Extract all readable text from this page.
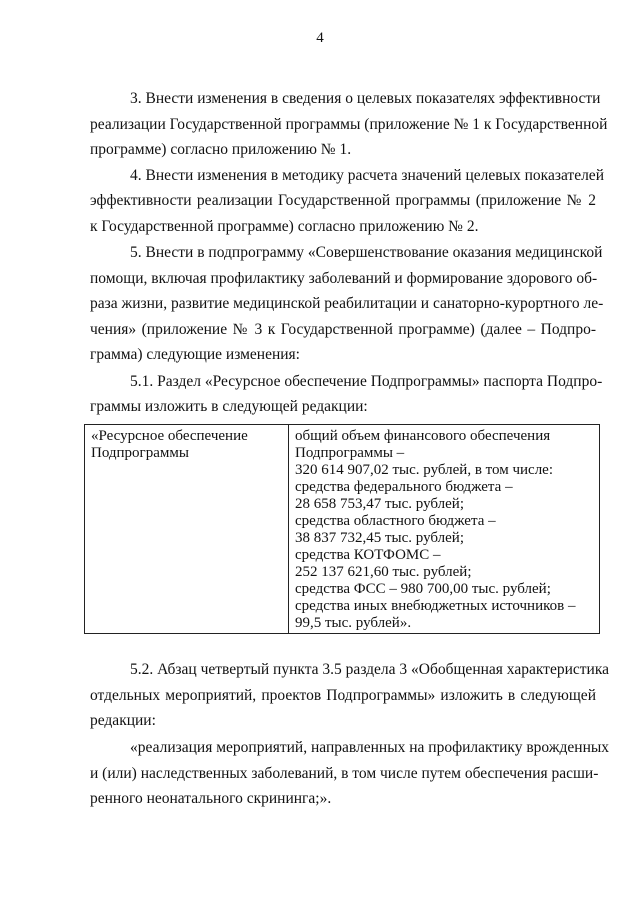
4
3. Внести изменения в сведения о целевых показателях эффективности
реализации Государственной программы (приложение № 1 к Государственной
программе) согласно приложению № 1.
4. Внести изменения в методику расчета значений целевых показателей
эффективности реализации Государственной программы (приложение № 2
к Государственной программе) согласно приложению № 2.
5. Внести в подпрограмму «Совершенствование оказания медицинской
помощи, включая профилактику заболеваний и формирование здорового об-
раза жизни, развитие медицинской реабилитации и санаторно-курортного ле-
чения» (приложение № 3 к Государственной программе) (далее – Подпро-
грамма) следующие изменения:
5.1. Раздел «Ресурсное обеспечение Подпрограммы» паспорта Подпро-
граммы изложить в следующей редакции:
«Ресурсное обеспечение
Подпрограммы
общий объем финансового обеспечения
Подпрограммы –
320 614 907,02 тыс. рублей, в том числе:
средства федерального бюджета –
28 658 753,47 тыс. рублей;
средства областного бюджета –
38 837 732,45 тыс. рублей;
средства КОТФОМС –
252 137 621,60 тыс. рублей;
средства ФСС – 980 700,00 тыс. рублей;
средства иных внебюджетных источников –
99,5 тыс. рублей».
5.2. Абзац четвертый пункта 3.5 раздела 3 «Обобщенная характеристика
отдельных мероприятий, проектов Подпрограммы» изложить в следующей
редакции:
«реализация мероприятий, направленных на профилактику врожденных
и (или) наследственных заболеваний, в том числе путем обеспечения расши-
ренного неонатального скрининга;».
